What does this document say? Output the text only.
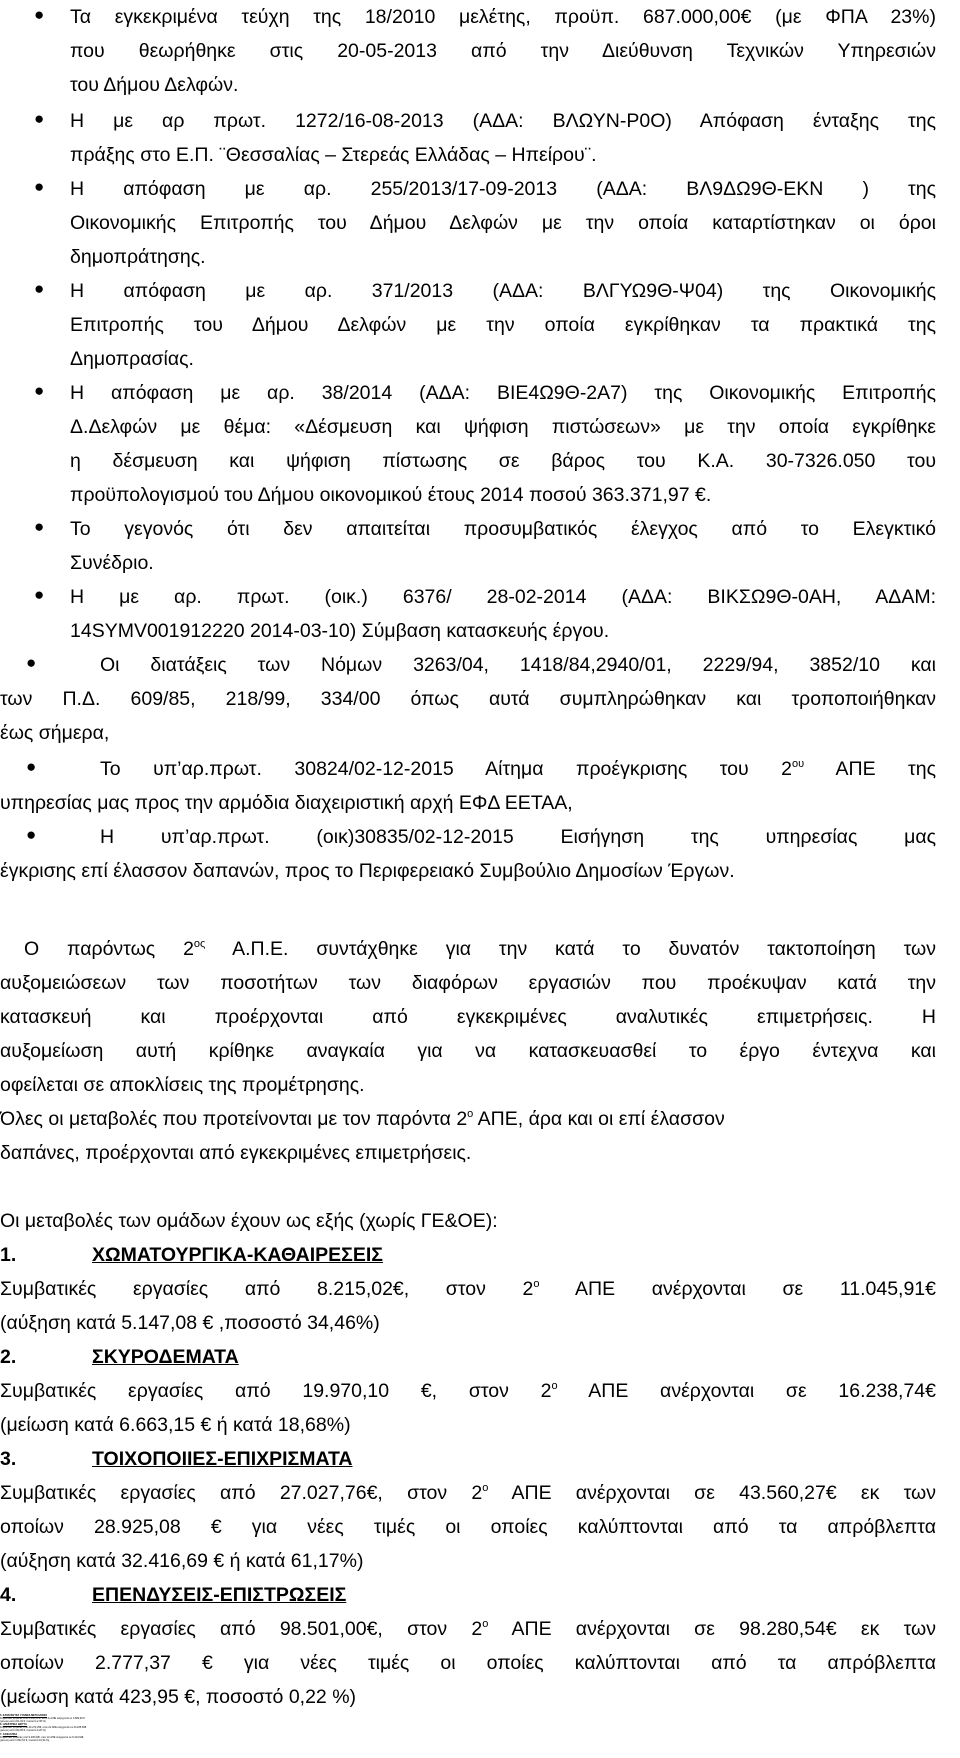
● Τα εγκεκριμένα τεύχη της 18/2010 μελέτης, προϋπ. 687.000,00€ (με ΦΠΑ 23%)
που θεωρήθηκε στις 20-05-2013 από την Διεύθυνση Τεχνικών Υπηρεσιών
του Δήμου Δελφών.
● Η με αρ πρωτ. 1272/16-08-2013 (ΑΔΑ: ΒΛΩΥΝ-Ρ0Ο) Απόφαση ένταξης της
πράξης στο Ε.Π. ¨Θεσσαλίας – Στερεάς Ελλάδας – Ηπείρου¨.
● Η απόφαση με αρ. 255/2013/17-09-2013 (ΑΔΑ: ΒΛ9ΔΩ9Θ-ΕΚΝ ) της
Οικονομικής Επιτροπής του Δήμου Δελφών με την οποία καταρτίστηκαν οι όροι
δημοπράτησης.
● Η απόφαση με αρ. 371/2013 (ΑΔΑ: ΒΛΓΥΩ9Θ-Ψ04) της Οικονομικής
Επιτροπής του Δήμου Δελφών με την οποία εγκρίθηκαν τα πρακτικά της
Δημοπρασίας.
● Η απόφαση με αρ. 38/2014 (ΑΔΑ: ΒΙΕ4Ω9Θ-2Α7) της Οικονομικής Επιτροπής
Δ.Δελφών με θέμα: «Δέσμευση και ψήφιση πιστώσεων» με την οποία εγκρίθηκε
η δέσμευση και ψήφιση πίστωσης σε βάρος του Κ.Α. 30-7326.050 του
προϋπολογισμού του Δήμου οικονομικού έτους 2014 ποσού 363.371,97 €.
● Το γεγονός ότι δεν απαιτείται προσυμβατικός έλεγχος από το Ελεγκτικό
Συνέδριο.
● Η με αρ. πρωτ. (οικ.) 6376/ 28-02-2014 (ΑΔΑ: ΒΙΚΣΩ9Θ-0ΑΗ, ΑΔΑΜ:
14SYMV001912220 2014-03-10) Σύμβαση κατασκευής έργου.
●	Οι διατάξεις των Νόμων 3263/04, 1418/84,2940/01, 2229/94, 3852/10 και
των Π.Δ. 609/85, 218/99, 334/00 όπως αυτά συμπληρώθηκαν και τροποποιήθηκαν
έως σήμερα,
●	Το υπ’αρ.πρωτ. 30824/02-12-2015 Αίτημα προέγκρισης του $2^{o\upsilon}$ ΑΠΕ της
υπηρεσίας μας προς την αρμόδια διαχειριστική αρχή ΕΦΔ ΕΕΤΑΑ,
●	Η υπ’αρ.πρωτ. (οικ)30835/02-12-2015 Εισήγηση της υπηρεσίας μας
έγκρισης επί έλασσον δαπανών, προς το Περιφερειακό Συμβούλιο Δημοσίων Έργων.
Ο παρόντως $2^{o\varsigma}$ Α.Π.Ε. συντάχθηκε για την κατά το δυνατόν τακτοποίηση των
αυξομειώσεων των ποσοτήτων των διαφόρων εργασιών που προέκυψαν κατά την
κατασκευή και προέρχονται από εγκεκριμένες αναλυτικές επιμετρήσεις. Η
αυξομείωση αυτή κρίθηκε αναγκαία για να κατασκευασθεί το έργο έντεχνα και
οφείλεται σε αποκλίσεις της προμέτρησης.
Όλες οι μεταβολές που προτείνονται με τον παρόντα $2^o$ ΑΠΕ, άρα και οι επί έλασσον
δαπάνες, προέρχονται από εγκεκριμένες επιμετρήσεις.
Οι μεταβολές των ομάδων έχουν ως εξής (χωρίς ΓΕ&ΟΕ):
1.	ΧΩΜΑΤΟΥΡΓΙΚΑ-ΚΑΘΑΙΡΕΣΕΙΣ
Συμβατικές εργασίες από 8.215,02€, στον $2^o$ ΑΠΕ ανέρχονται σε 11.045,91€
(αύξηση κατά 5.147,08 € ,ποσοστό 34,46%)
2.	ΣΚΥΡΟΔΕΜΑΤΑ
Συμβατικές εργασίες από 19.970,10 €, στον $2^o$ ΑΠΕ ανέρχονται σε 16.238,74€
(μείωση κατά 6.663,15 € ή κατά 18,68%)
3.	ΤΟΙΧΟΠΟΙΙΕΣ-ΕΠΙΧΡΙΣΜΑΤΑ
Συμβατικές εργασίες από 27.027,76€, στον $2^o$ ΑΠΕ ανέρχονται σε 43.560,27€ εκ των
οποίων 28.925,08 € για νέες τιμές οι οποίες καλύπτονται από τα απρόβλεπτα
(αύξηση κατά 32.416,69 € ή κατά 61,17%)
4.	ΕΠΕΝΔΥΣΕΙΣ-ΕΠΙΣΤΡΩΣΕΙΣ
Συμβατικές εργασίες από 98.501,00€, στον $2^o$ ΑΠΕ ανέρχονται σε 98.280,54€ εκ των
οποίων 2.777,37 € για νέες τιμές οι οποίες καλύπτονται από τα απρόβλεπτα
(μείωση κατά 423,95 €, ποσοστό 0,22 %)
5. ΚΑΤΑΣΚΕΥΕΣ ΞΥΛΙΝΕΣ-ΜΕΤΑΛΛΙΚΕΣ
Συμβατικές εργασίες από 5.000,55 €, στον 2ο ΑΠΕ ανέρχονται σε 4.882,92 €
(μείωση κατά 221,94 €, ποσοστό 2,35 %)
6. ΗΛΕΚΤΡΙΚΑ ΔΙΚΤΥΑ
Συμβατικές εργασίες από 43.272,25€, στον 2ο ΑΠΕ ανέρχονται σε 43.185,83€
(μείωση κατά 160,05 €, ποσοστό 0,20 %)
7. ΑΣΦΑΛΤΙΚΑ
Συμβατικές εργασίες από 9.405,00€, στον 2ο ΑΠΕ ανέρχονται σε 8.413,62€
(μείωση κατά 1.802,51 €, ποσοστό 10,54 %).
